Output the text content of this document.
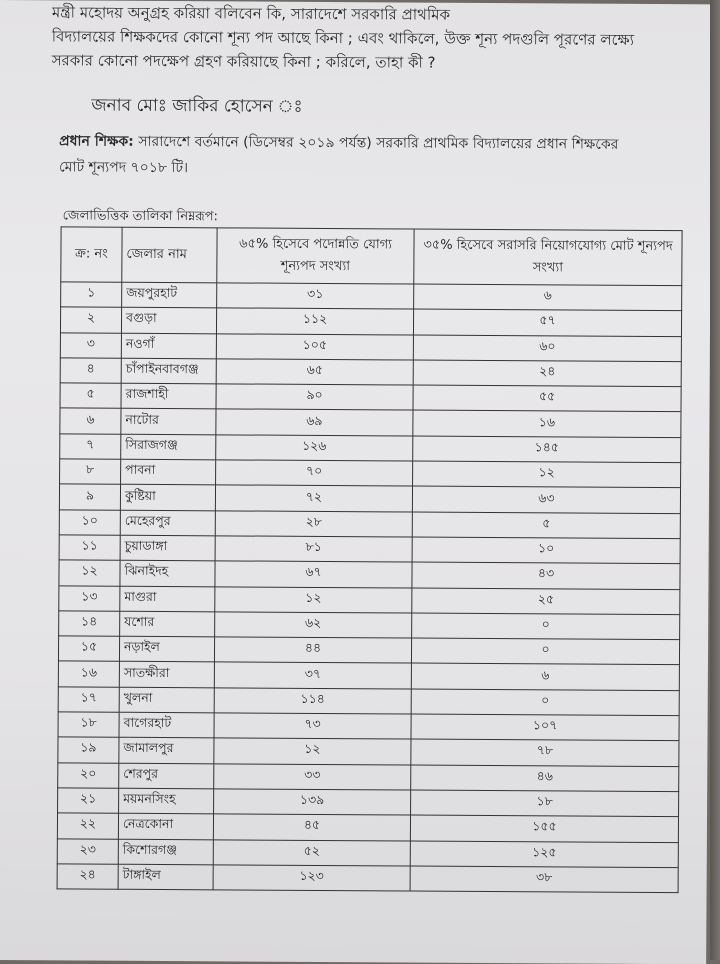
মন্ত্রী মহোদয় অনুগ্রহ করিয়া বলিবেন কি, সারাদেশে সরকারি প্রাথমিক
বিদ্যালয়ের শিক্ষকদের কোনো শূন্য পদ আছে কিনা ; এবং থাকিলে, উক্ত শূন্য পদগুলি পূরণের লক্ষ্যে
সরকার কোনো পদক্ষেপ গ্রহণ করিয়াছে কিনা ; করিলে, তাহা কী ?
জনাব মোঃ জাকির হোসেন ঃ
প্রধান শিক্ষক: সারাদেশে বর্তমানে (ডিসেম্বর ২০১৯ পর্যন্ত) সরকারি প্রাথমিক বিদ্যালয়ের প্রধান শিক্ষকের
মোট শূন্যপদ ৭০১৮ টি।
জেলাভিত্তিক তালিকা নিম্নরূপ:
ক্র: নং	জেলার নাম	৬৫% হিসেবে পদোন্নতি যোগ্য শূন্যপদ সংখ্যা	৩৫% হিসেবে সরাসরি নিয়োগযোগ্য মোট শূন্যপদ সংখ্যা
১	জয়পুরহাট	৩১	৬
২	বগুড়া	১১২	৫৭
৩	নওগাঁ	১০৫	৬০
৪	চাঁপাইনবাবগঞ্জ	৬৫	২৪
৫	রাজশাহী	৯০	৫৫
৬	নাটোর	৬৯	১৬
৭	সিরাজগঞ্জ	১২৬	১৪৫
৮	পাবনা	৭০	১২
৯	কুষ্টিয়া	৭২	৬৩
১০	মেহেরপুর	২৮	৫
১১	চুয়াডাঙ্গা	৮১	১০
১২	ঝিনাইদহ	৬৭	৪৩
১৩	মাগুরা	১২	২৫
১৪	যশোর	৬২	০
১৫	নড়াইল	৪৪	০
১৬	সাতক্ষীরা	৩৭	৬
১৭	খুলনা	১১৪	০
১৮	বাগেরহাট	৭৩	১০৭
১৯	জামালপুর	১২	৭৮
২০	শেরপুর	৩৩	৪৬
২১	ময়মনসিংহ	১৩৯	১৮
২২	নেত্রকোনা	৪৫	১৫৫
২৩	কিশোরগঞ্জ	৫২	১২৫
২৪	টাঙ্গাইল	১২৩	৩৮
